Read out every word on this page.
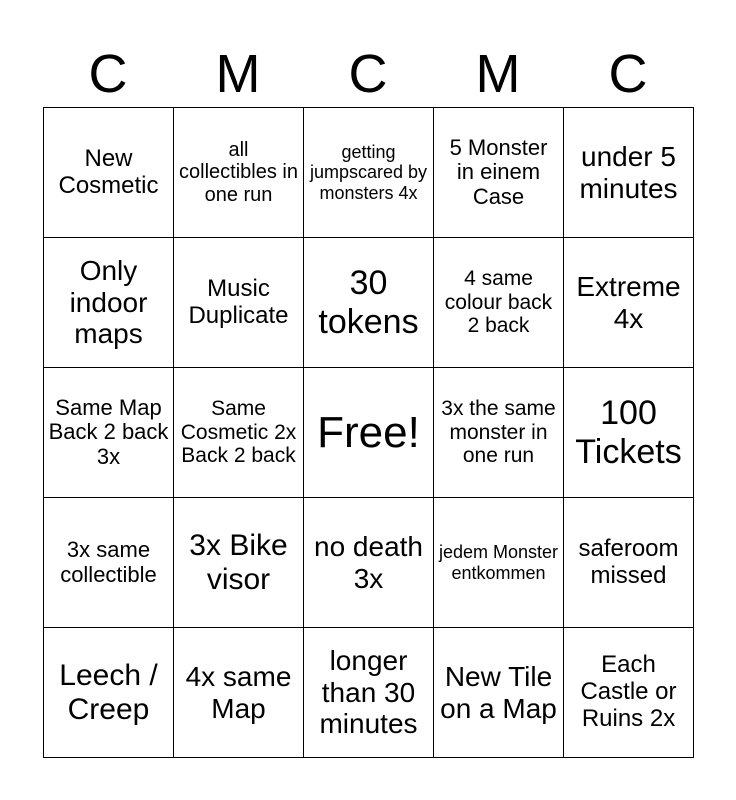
C	M	C	M	C
New Cosmetic	all collectibles in one run	getting jumpscared by monsters 4x	5 Monster in einem Case	under 5 minutes
Only indoor maps	Music Duplicate	30 tokens	4 same colour back 2 back	Extreme 4x
Same Map Back 2 back 3x	Same Cosmetic 2x Back 2 back	Free!	3x the same monster in one run	100 Tickets
3x same collectible	3x Bike visor	no death 3x	jedem Monster entkommen	saferoom missed
Leech / Creep	4x same Map	longer than 30 minutes	New Tile on a Map	Each Castle or Ruins 2x
